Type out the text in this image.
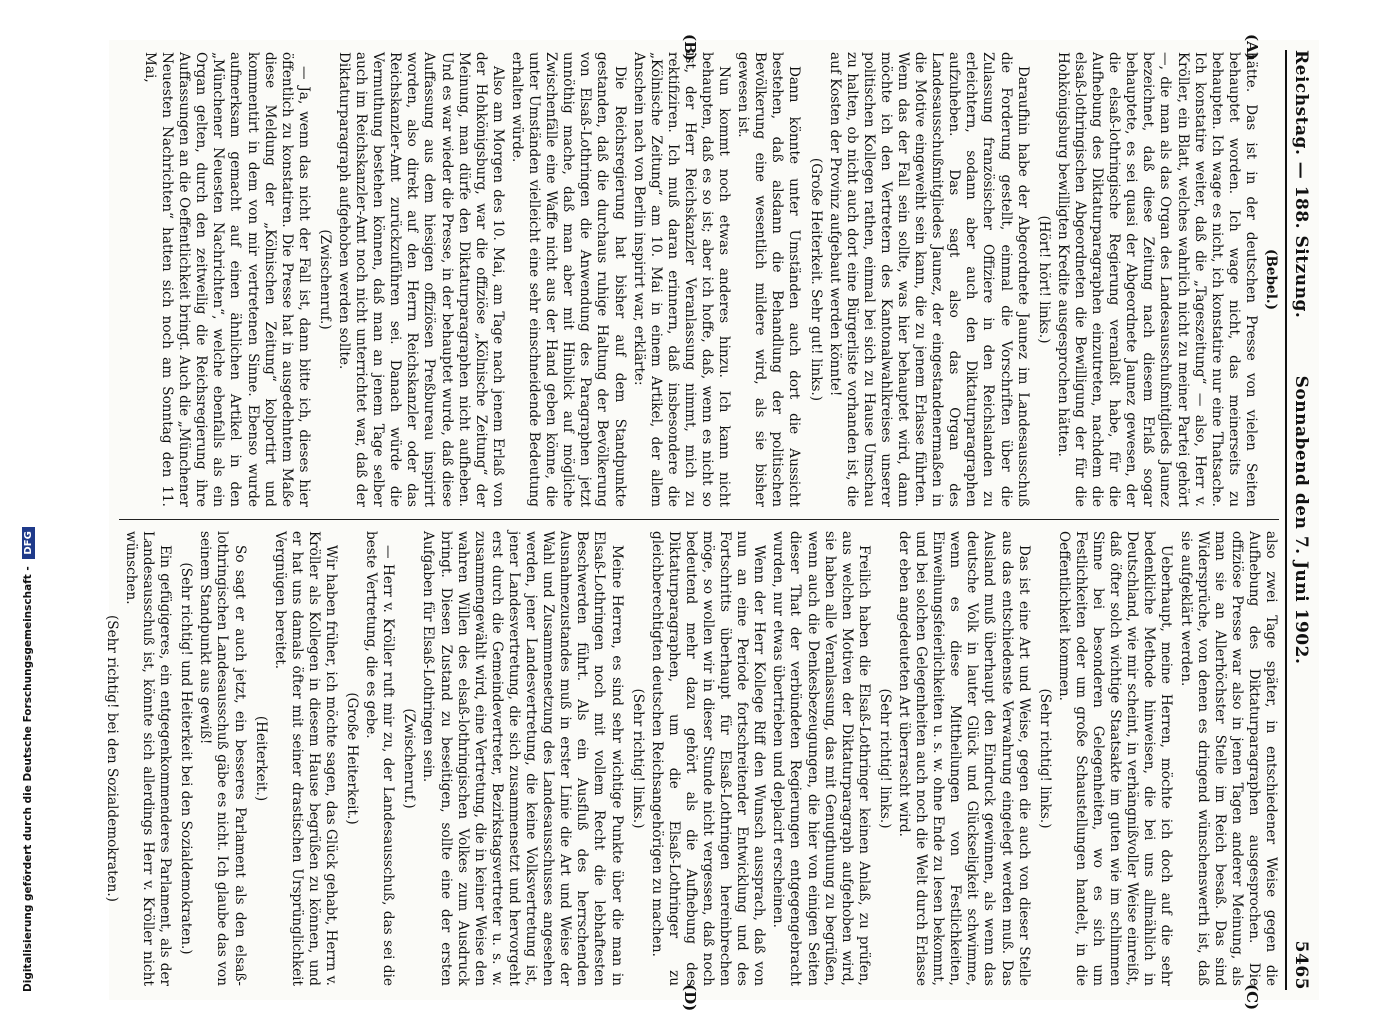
Reichstag. — 188. Sitzung.
Sonnabend den 7. Juni 1902.
5465
(A)
(B)
(C)
(D)

(Bebel.)

hätte. Das ist in der deutschen Presse von vielen Seiten behauptet worden. Ich wage nicht, das meinerseits zu behaupten. Ich wage es nicht, ich konstatire nur eine Thatsache. Ich konstatire weiter, daß die „Tageszeitung“ — also, Herr v. Kröller, ein Blatt, welches wahrlich nicht zu meiner Partei gehört —, die man als das Organ des Landesausschußmitglieds Jaunez bezeichnet, daß diese Zeitung nach diesem Erlaß sogar behauptete, es sei quasi der Abgeordnete Jaunez gewesen, der die elsaß-lothringische Regierung veranlaßt habe, für die Aufhebung des Diktaturparagraphen einzutreten, nachdem die elsaß-lothringischen Abgeordneten die Bewilligung der für die Hohkönigsburg bewilligten Kredite ausgesprochen hätten.

(Hört! hört! links.)

Daraufhin habe der Abgeordnete Jaunez im Landesausschuß die Forderung gestellt, einmal die Vorschriften über die Zulassung französischer Offiziere in den Reichslanden zu erleichtern, sodann aber auch den Diktaturparagraphen aufzuheben. Das sagt also das Organ des Landesausschußmitgliedes Jaunez, der eingestandenermaßen in die Motive eingeweiht sein kann, die zu jenem Erlasse führten. Wenn das der Fall sein sollte, was hier behauptet wird, dann möchte ich den Vertretern des Kantonalwahlkreises unserer politischen Kollegen rathen, einmal bei sich zu Hause Umschau zu halten, ob nicht auch dort eine Bürgerliste vorhanden ist, die auf Kosten der Provinz aufgebaut werden könnte!

(Große Heiterkeit. Sehr gut! links.)

Dann könnte unter Umständen auch dort die Aussicht bestehen, daß alsdann die Behandlung der politischen Bevölkerung eine wesentlich mildere wird, als sie bisher gewesen ist.

Nun kommt noch etwas anderes hinzu. Ich kann nicht behaupten, daß es so ist; aber ich hoffe, daß, wenn es nicht so ist, der Herr Reichskanzler Veranlassung nimmt, mich zu rektifiziren. Ich muß daran erinnern, daß insbesondere die „Kölnische Zeitung“ am 10. Mai in einem Artikel, der allem Anschein nach von Berlin inspirirt war, erklärte:

Die Reichsregierung hat bisher auf dem Standpunkte gestanden, daß die durchaus ruhige Haltung der Bevölkerung von Elsaß-Lothringen die Anwendung des Paragraphen jetzt unnöthig mache, daß man aber mit Hinblick auf mögliche Zwischenfälle eine Waffe nicht aus der Hand geben könne, die unter Umständen vielleicht eine sehr einschneidende Bedeutung erhalten würde.

Also am Morgen des 10. Mai, am Tage nach jenem Erlaß von der Hohkönigsburg, war die offiziöse „Kölnische Zeitung“ der Meinung, man dürfe den Diktaturparagraphen nicht aufheben. Und es war wieder die Presse, in der behauptet wurde, daß diese Auffassung aus dem hiesigen offiziösen Preßbureau inspirirt worden, also direkt auf den Herrn Reichskanzler oder das Reichskanzler-Amt zurückzuführen sei. Danach würde die Vermuthung bestehen können, daß man an jenem Tage selber auch im Reichskanzler-Amt noch nicht unterrichtet war, daß der Diktaturparagraph aufgehoben werden sollte.

(Zwischenruf.)

— Ja, wenn das nicht der Fall ist, dann bitte ich, dieses hier öffentlich zu konstatiren. Die Presse hat in ausgedehntem Maße diese Meldung der „Kölnischen Zeitung“ kolportirt und kommentirt in dem von mir vertretenen Sinne. Ebenso wurde aufmerksam gemacht auf einen ähnlichen Artikel in den „Münchener Neuesten Nachrichten“, welche ebenfalls als ein Organ gelten, durch den zeitweilig die Reichsregierung ihre Auffassungen an die Oeffentlichkeit bringt. Auch die „Münchener Neuesten Nachrichten“ hatten sich noch am Sonntag den 11. Mai,

also zwei Tage später, in entschiedener Weise gegen die Aufhebung des Diktaturparagraphen ausgesprochen. Die offiziöse Presse war also in jenen Tagen anderer Meinung, als man sie an Allerhöchster Stelle im Reich besaß. Das sind Widersprüche, von denen es dringend wünschenswerth ist, daß sie aufgeklärt werden.

Ueberhaupt, meine Herren, möchte ich doch auf die sehr bedenkliche Methode hinweisen, die bei uns allmählich in Deutschland, wie mir scheint, in verhängnißvoller Weise einreißt, daß öfter solch wichtige Staatsakte im guten wie im schlimmen Sinne bei besonderen Gelegenheiten, wo es sich um Festlichkeiten oder um große Schaustellungen handelt, in die Oeffentlichkeit kommen.

(Sehr richtig! links.)

Das ist eine Art und Weise, gegen die auch von dieser Stelle aus das entschiedenste Verwahrung eingelegt werden muß. Das Ausland muß überhaupt den Eindruck gewinnen, als wenn das deutsche Volk in lauter Glück und Glückseligkeit schwimme, wenn es diese Mittheilungen von Festlichkeiten, Einweihungsfeierlichkeiten u. s. w. ohne Ende zu lesen bekommt, und bei solchen Gelegenheiten auch noch die Welt durch Erlasse der eben angedeuteten Art überrascht wird.

(Sehr richtig! links.)

Freilich haben die Elsaß-Lothringer keinen Anlaß, zu prüfen, aus welchen Motiven der Diktaturparagraph aufgehoben wird, sie haben alle Veranlassung, das mit Genugthuung zu begrüßen, wenn auch die Denkesbezeugungen, die hier von einigen Seiten dieser That der verbündeten Regierungen entgegengebracht wurden, nur etwas übertrieben und deplacirt erscheinen.

Wenn der Herr Kollege Riff den Wunsch aussprach, daß von nun an eine Periode fortschreitender Entwicklung und des Fortschritts überhaupt für Elsaß-Lothringen hereinbrechen möge, so wollen wir in dieser Stunde nicht vergessen, daß noch bedeutend mehr dazu gehört als die Aufhebung des Diktaturparagraphen, um die Elsaß-Lothringer zu gleichberechtigten deutschen Reichsangehörigen zu machen.

(Sehr richtig! links.)

Meine Herren, es sind sehr wichtige Punkte über die man in Elsaß-Lothringen noch mit vollem Recht die lebhaftesten Beschwerden führt. Als ein Ausfluß des herrschenden Ausnahmezustandes muß in erster Linie die Art und Weise der Wahl und Zusammensetzung des Landesausschusses angesehen werden, jener Landesvertretung, die keine Volksvertretung ist, jener Landesvertretung, die sich zusammensetzt und hervorgeht erst durch die Gemeindevertreter, Bezirkstagsvertreter u. s. w. zusammengewählt wird, eine Vertretung, die in keiner Weise den wahren Willen des elsaß-lothringischen Volkes zum Ausdruck bringt. Diesen Zustand zu beseitigen, sollte eine der ersten Aufgaben für Elsaß-Lothringen sein.

(Zwischenruf.)

— Herr v. Kröller ruft mir zu, der Landesausschuß, das sei die beste Vertretung, die es gebe.

(Große Heiterkeit.)

Wir haben früher, ich möchte sagen, das Glück gehabt, Herrn v. Kröller als Kollegen in diesem Hause begrüßen zu können, und er hat uns damals öfter mit seiner drastischen Ursprünglichkeit Vergnügen bereitet.

(Heiterkeit.)

So sagt er auch jetzt, ein besseres Parlament als den elsaß-lothringischen Landesausschuß gäbe es nicht. Ich glaube das von seinem Standpunkt aus gewiß!

(Sehr richtig! und Heiterkeit bei den Sozialdemokraten.)

Ein gefügigeres, ein entgegenkommenderes Parlament, als der Landesausschuß ist, könnte sich allerdings Herr v. Kröller nicht wünschen.

(Sehr richtig! bei den Sozialdemokraten.)

Digitalisierung gefördert durch die Deutsche Forschungsgemeinschaft - DFG
